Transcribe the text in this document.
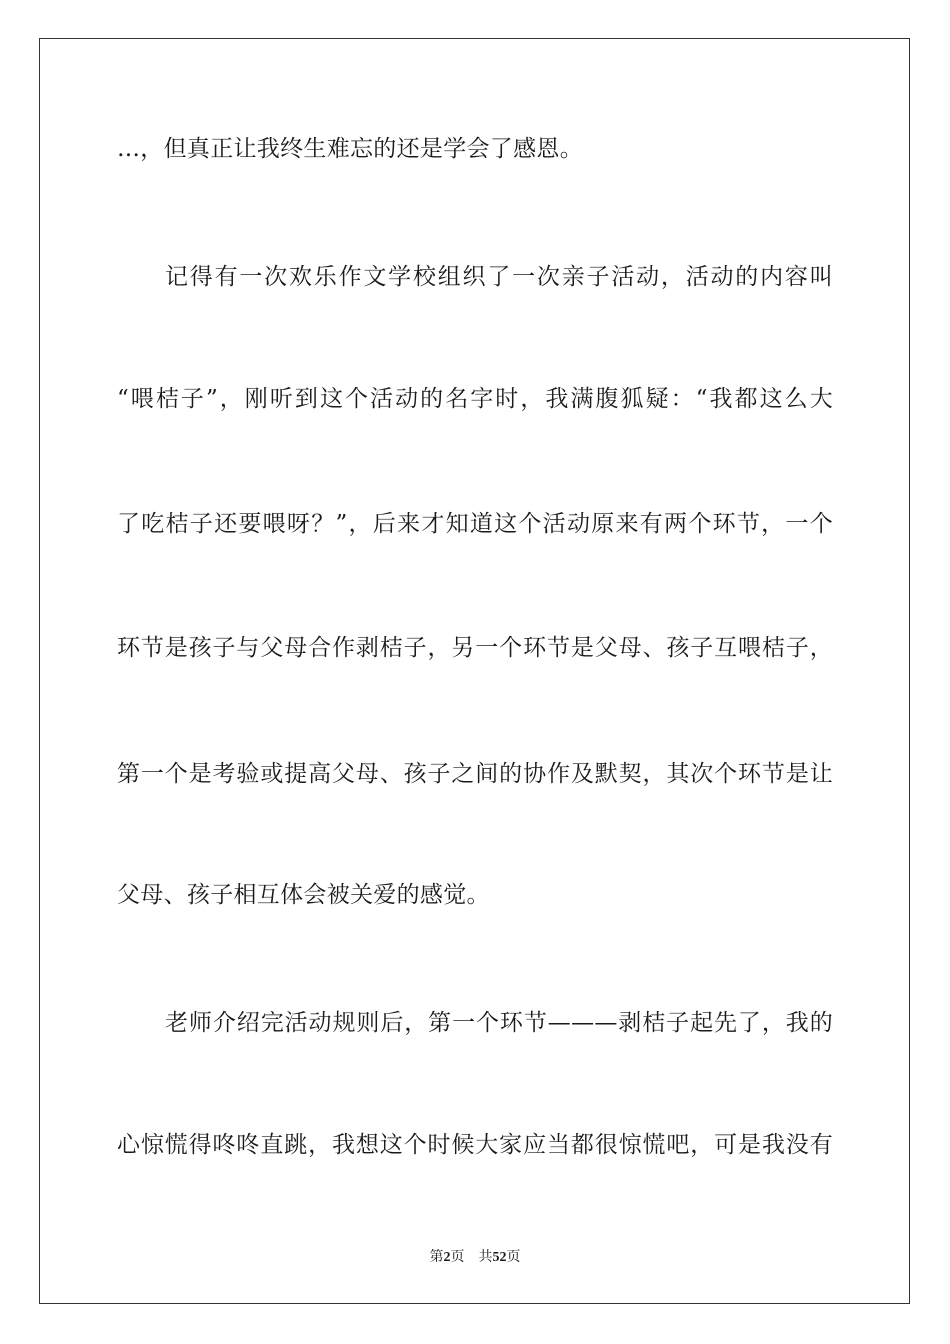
…，但真正让我终生难忘的还是学会了感恩。
记得有一次欢乐作文学校组织了一次亲子活动，活动的内容叫
“喂桔子”，刚听到这个活动的名字时，我满腹狐疑：“我都这么大
了吃桔子还要喂呀？”，后来才知道这个活动原来有两个环节，一个
环节是孩子与父母合作剥桔子，另一个环节是父母、孩子互喂桔子，
第一个是考验或提高父母、孩子之间的协作及默契，其次个环节是让
父母、孩子相互体会被关爱的感觉。
老师介绍完活动规则后，第一个环节———剥桔子起先了，我的
心惊慌得咚咚直跳，我想这个时候大家应当都很惊慌吧，可是我没有
第2页 共52页
